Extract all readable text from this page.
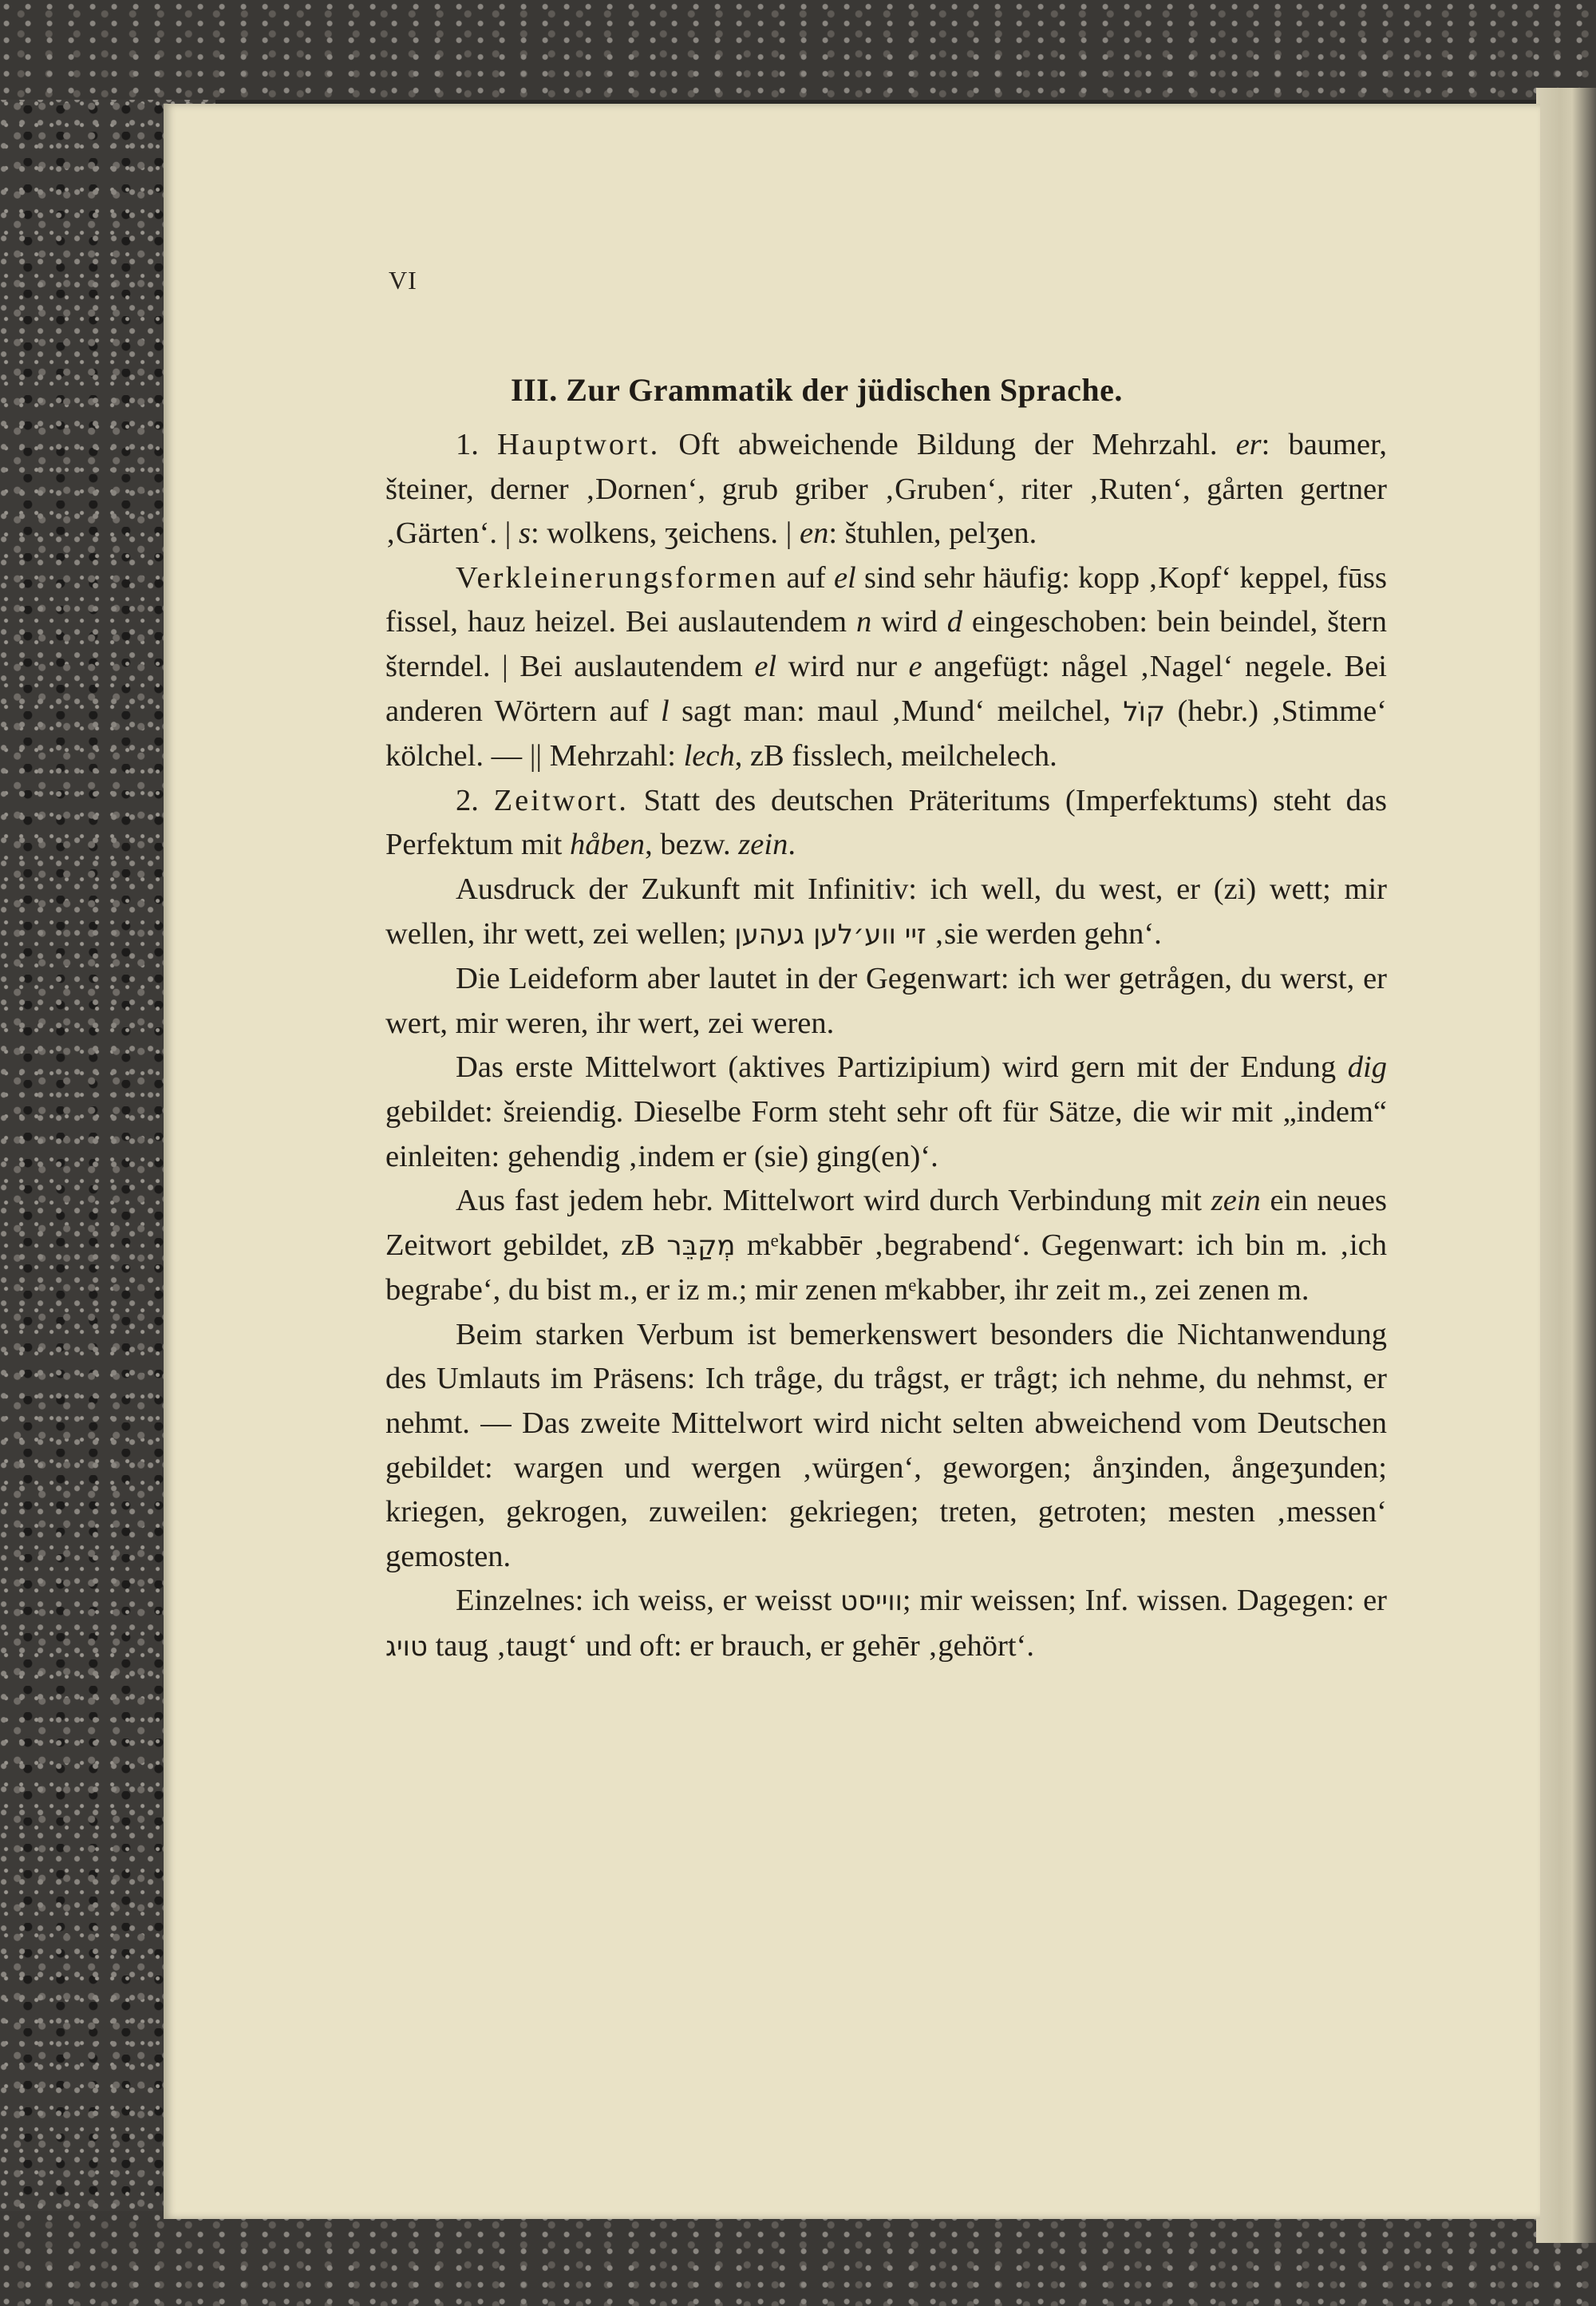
VI
III. Zur Grammatik der jüdischen Sprache.

1. Hauptwort. Oft abweichende Bildung der Mehrzahl. er: baumer, šteiner, derner ‚Dornen‘, grub griber ‚Gruben‘, riter ‚Ruten‘, gårten gertner ‚Gärten‘. | s: wolkens, ʒeichens. | en: štuhlen, pelʒen.

Verkleinerungsformen auf el sind sehr häufig: kopp ‚Kopf‘ keppel, fūss fissel, hauz heizel. Bei auslautendem n wird d eingeschoben: bein beindel, štern šterndel. | Bei auslautendem el wird nur e angefügt: någel ‚Nagel‘ negele. Bei anderen Wörtern auf l sagt man: maul ‚Mund‘ meilchel, קוֹל (hebr.) ‚Stimme‘ kölchel. — || Mehrzahl: lech, zB fisslech, meilchelech.

2. Zeitwort. Statt des deutschen Präteritums (Imperfektums) steht das Perfektum mit håben, bezw. zein.

Ausdruck der Zukunft mit Infinitiv: ich well, du west, er (zi) wett; mir wellen, ihr wett, zei wellen; זיי ווע׳לען געהען ‚sie werden gehn‘.

Die Leideform aber lautet in der Gegenwart: ich wer getrågen, du werst, er wert, mir weren, ihr wert, zei weren.

Das erste Mittelwort (aktives Partizipium) wird gern mit der Endung dig gebildet: šreiendig. Dieselbe Form steht sehr oft für Sätze, die wir mit „indem“ einleiten: gehendig ‚indem er (sie) ging(en)‘.

Aus fast jedem hebr. Mittelwort wird durch Verbindung mit zein ein neues Zeitwort gebildet, zB מְקַבֵּר mᵉkabbēr ‚begrabend‘. Gegenwart: ich bin m. ‚ich begrabe‘, du bist m., er iz m.; mir zenen mᵉkabber, ihr zeit m., zei zenen m.

Beim starken Verbum ist bemerkenswert besonders die Nichtanwendung des Umlauts im Präsens: Ich tråge, du trågst, er trågt; ich nehme, du nehmst, er nehmt. — Das zweite Mittelwort wird nicht selten abweichend vom Deutschen gebildet: wargen und wergen ‚würgen‘, geworgen; ånʒinden, ångeʒunden; kriegen, gekrogen, zuweilen: gekriegen; treten, getroten; mesten ‚messen‘ gemosten.

Einzelnes: ich weiss, er weisst ווייסט; mir weissen; Inf. wissen. Dagegen: er טויג taug ‚taugt‘ und oft: er brauch, er gehēr ‚gehört‘.
